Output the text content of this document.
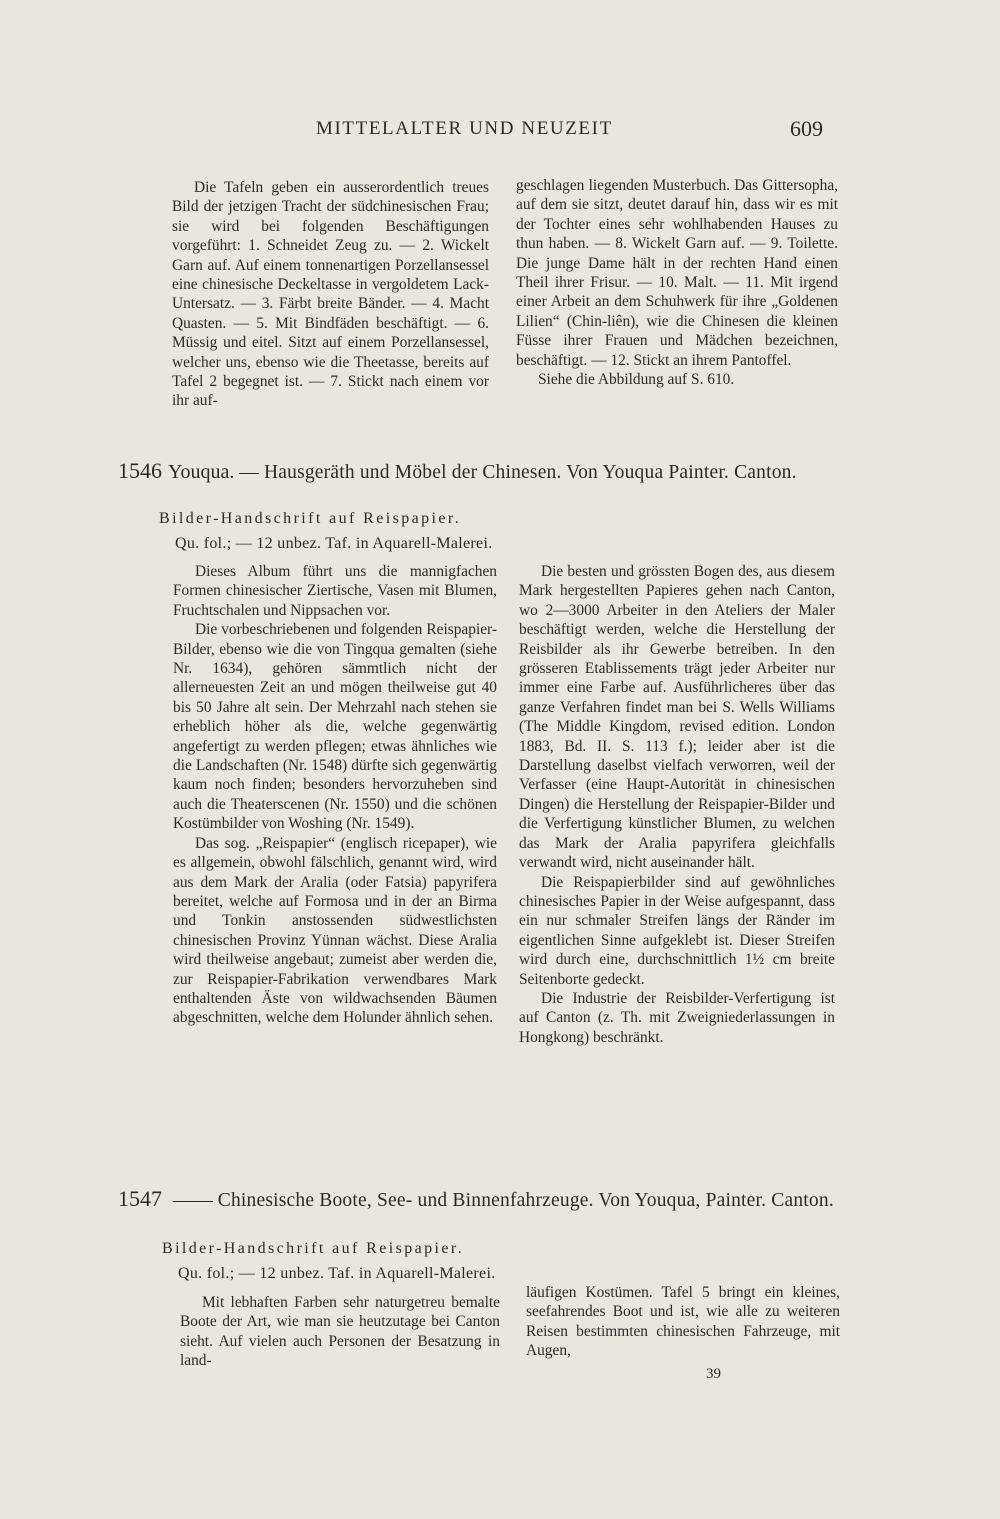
MITTELALTER UND NEUZEIT	609

Die Tafeln geben ein ausserordentlich treues Bild der jetzigen Tracht der südchinesischen Frau; sie wird bei folgenden Beschäftigungen vorgeführt: 1. Schneidet Zeug zu. — 2. Wickelt Garn auf. Auf einem tonnenartigen Porzellansessel eine chinesische Deckeltasse in vergoldetem Lack-Untersatz. — 3. Färbt breite Bänder. — 4. Macht Quasten. — 5. Mit Bindfäden beschäftigt. — 6. Müssig und eitel. Sitzt auf einem Porzellansessel, welcher uns, ebenso wie die Theetasse, bereits auf Tafel 2 begegnet ist. — 7. Stickt nach einem vor ihr auf-

geschlagen liegenden Musterbuch. Das Gittersopha, auf dem sie sitzt, deutet darauf hin, dass wir es mit der Tochter eines sehr wohlhabenden Hauses zu thun haben. — 8. Wickelt Garn auf. — 9. Toilette. Die junge Dame hält in der rechten Hand einen Theil ihrer Frisur. — 10. Malt. — 11. Mit irgend einer Arbeit an dem Schuhwerk für ihre „Goldenen Lilien“ (Chin-liên), wie die Chinesen die kleinen Füsse ihrer Frauen und Mädchen bezeichnen, beschäftigt. — 12. Stickt an ihrem Pantoffel.

Siehe die Abbildung auf S. 610.

1546 Youqua. — Hausgeräth und Möbel der Chinesen. Von Youqua Painter. Canton.
Bilder-Handschrift auf Reispapier.
Qu. fol.; — 12 unbez. Taf. in Aquarell-Malerei.

Dieses Album führt uns die mannigfachen Formen chinesischer Ziertische, Vasen mit Blumen, Fruchtschalen und Nippsachen vor.

Die vorbeschriebenen und folgenden Reispapier-Bilder, ebenso wie die von Tingqua gemalten (siehe Nr. 1634), gehören sämmtlich nicht der allerneuesten Zeit an und mögen theilweise gut 40 bis 50 Jahre alt sein. Der Mehrzahl nach stehen sie erheblich höher als die, welche gegenwärtig angefertigt zu werden pflegen; etwas ähnliches wie die Landschaften (Nr. 1548) dürfte sich gegenwärtig kaum noch finden; besonders hervorzuheben sind auch die Theaterscenen (Nr. 1550) und die schönen Kostümbilder von Woshing (Nr. 1549).

Das sog. „Reispapier“ (englisch ricepaper), wie es allgemein, obwohl fälschlich, genannt wird, wird aus dem Mark der Aralia (oder Fatsia) papyrifera bereitet, welche auf Formosa und in der an Birma und Tonkin anstossenden südwestlichsten chinesischen Provinz Yünnan wächst. Diese Aralia wird theilweise angebaut; zumeist aber werden die, zur Reispapier-Fabrikation verwendbares Mark enthaltenden Äste von wildwachsenden Bäumen abgeschnitten, welche dem Holunder ähnlich sehen.

Die besten und grössten Bogen des, aus diesem Mark hergestellten Papieres gehen nach Canton, wo 2—3000 Arbeiter in den Ateliers der Maler beschäftigt werden, welche die Herstellung der Reisbilder als ihr Gewerbe betreiben. In den grösseren Etablissements trägt jeder Arbeiter nur immer eine Farbe auf. Ausführlicheres über das ganze Verfahren findet man bei S. Wells Williams (The Middle Kingdom, revised edition. London 1883, Bd. II. S. 113 f.); leider aber ist die Darstellung daselbst vielfach verworren, weil der Verfasser (eine Haupt-Autorität in chinesischen Dingen) die Herstellung der Reispapier-Bilder und die Verfertigung künstlicher Blumen, zu welchen das Mark der Aralia papyrifera gleichfalls verwandt wird, nicht auseinander hält.

Die Reispapierbilder sind auf gewöhnliches chinesisches Papier in der Weise aufgespannt, dass ein nur schmaler Streifen längs der Ränder im eigentlichen Sinne aufgeklebt ist. Dieser Streifen wird durch eine, durchschnittlich 1½ cm breite Seitenborte gedeckt.

Die Industrie der Reisbilder-Verfertigung ist auf Canton (z. Th. mit Zweigniederlassungen in Hongkong) beschränkt.

1547 —— Chinesische Boote, See- und Binnenfahrzeuge. Von Youqua, Painter. Canton.
Bilder-Handschrift auf Reispapier.
Qu. fol.; — 12 unbez. Taf. in Aquarell-Malerei.

Mit lebhaften Farben sehr naturgetreu bemalte Boote der Art, wie man sie heutzutage bei Canton sieht. Auf vielen auch Personen der Besatzung in land-

läufigen Kostümen. Tafel 5 bringt ein kleines, seefahrendes Boot und ist, wie alle zu weiteren Reisen bestimmten chinesischen Fahrzeuge, mit Augen,

39
